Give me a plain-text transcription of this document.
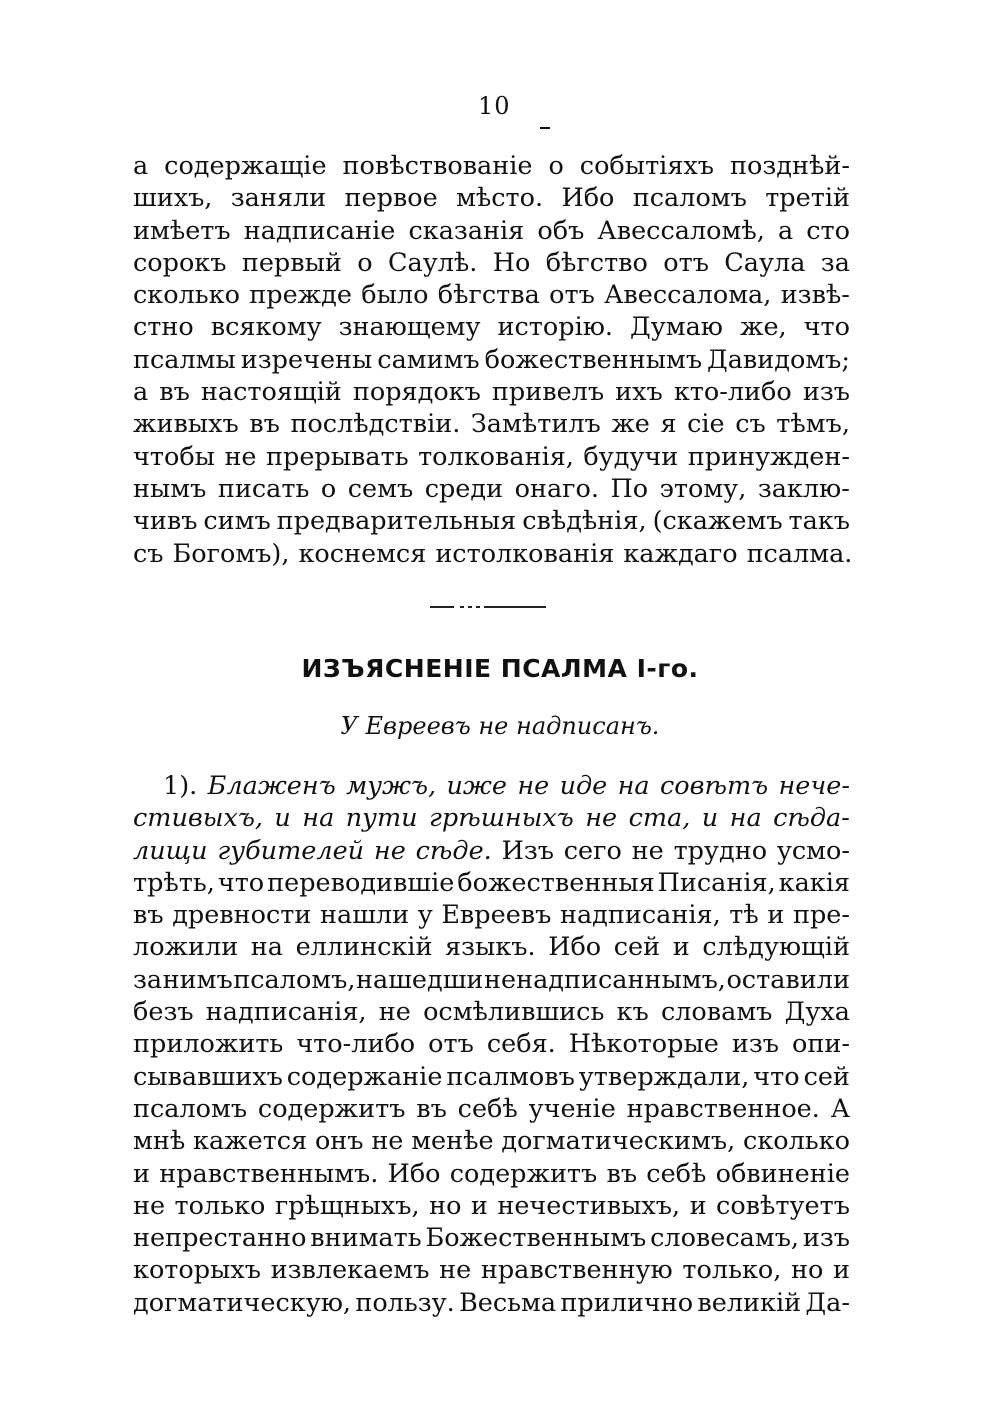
10
а содержащіе повѣствованіе о событіяхъ позднѣй-
шихъ, заняли первое мѣсто. Ибо псаломъ третій
имѣетъ надписаніе сказанія объ Авессаломѣ, а сто
сорокъ первый о Саулѣ. Но бѣгство отъ Саула за
сколько прежде было бѣгства отъ Авессалома, извѣ-
стно всякому знающему исторію. Думаю же, что
псалмы изречены самимъ божественнымъ Давидомъ;
а въ настоящій порядокъ привелъ ихъ кто-либо изъ
живыхъ въ послѣдствіи. Замѣтилъ же я сіе съ тѣмъ,
чтобы не прерывать толкованія, будучи принужден-
нымъ писать о семъ среди онаго. По этому, заклю-
чивъ симъ предварительныя свѣдѣнія, (скажемъ такъ
съ Богомъ), коснемся истолкованія каждаго псалма.
ИЗЪЯСНЕНІЕ ПСАЛМА І-го.
У Евреевъ не надписанъ.
1). Блаженъ мужъ, иже не иде на совѣтъ нече-
стивыхъ, и на пути грѣшныхъ не ста, и на сѣда-
лищи губителей не сѣде. Изъ сего не трудно усмо-
трѣть, что переводившіе божественныя Писанія, какія
въ древности нашли у Евреевъ надписанія, тѣ и пре-
ложили на еллинскій языкъ. Ибо сей и слѣдующій
за нимъ псаломъ, нашедши ненадписаннымъ, оставили
безъ надписанія, не осмѣлившись къ словамъ Духа
приложить что-либо отъ себя. Нѣкоторые изъ опи-
сывавшихъ содержаніе псалмовъ утверждали, что сей
псаломъ содержитъ въ себѣ ученіе нравственное. А
мнѣ кажется онъ не менѣе догматическимъ, сколько
и нравственнымъ. Ибо содержитъ въ себѣ обвиненіе
не только грѣщныхъ, но и нечестивыхъ, и совѣтуетъ
непрестанно внимать Божественнымъ словесамъ, изъ
которыхъ извлекаемъ не нравственную только, но и
догматическую, пользу. Весьма прилично великій Да-
